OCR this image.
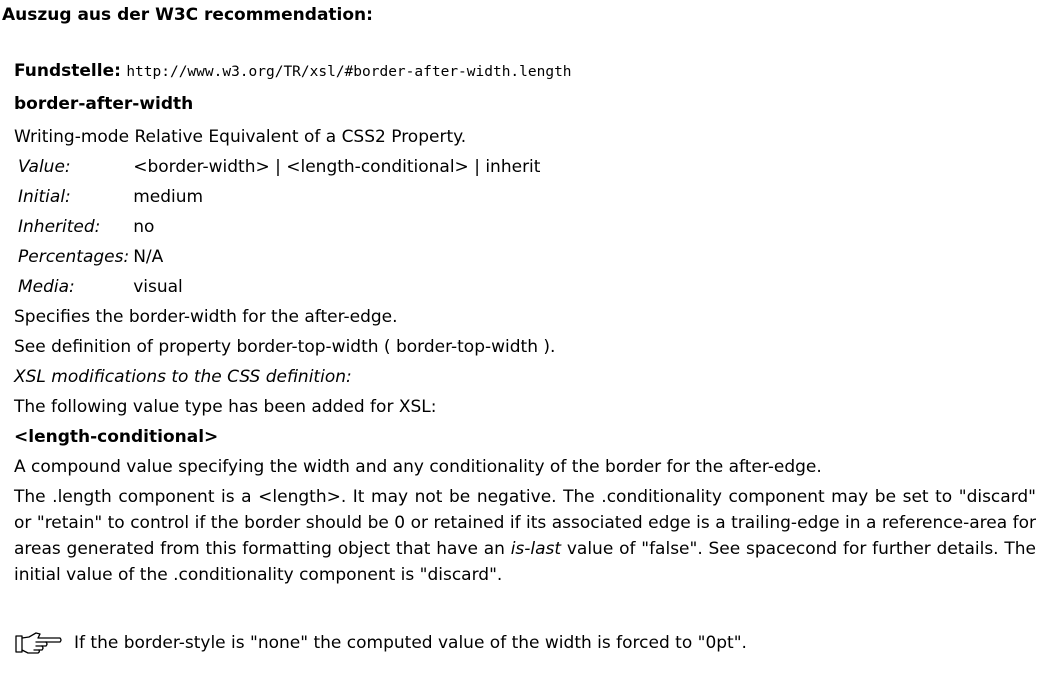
Auszug aus der W3C recommendation:
Fundstelle: http://www.w3.org/TR/xsl/#border-after-width.length
border-after-width
Writing-mode Relative Equivalent of a CSS2 Property.
Value:	<border-width> | <length-conditional> | inherit
Initial:	medium
Inherited:	no
Percentages:	N/A
Media:	visual
Specifies the border-width for the after-edge.
See definition of property border-top-width ( border-top-width ).
XSL modifications to the CSS definition:
The following value type has been added for XSL:
<length-conditional>
A compound value specifying the width and any conditionality of the border for the after-edge.
The .length component is a <length>. It may not be negative. The .conditionality component may be set to "discard" or "retain" to control if the border should be 0 or retained if its associated edge is a trailing-edge in a reference-area for areas generated from this formatting object that have an is-last value of "false". See spacecond for further details. The initial value of the .conditionality component is "discard".
If the border-style is "none" the computed value of the width is forced to "0pt".
